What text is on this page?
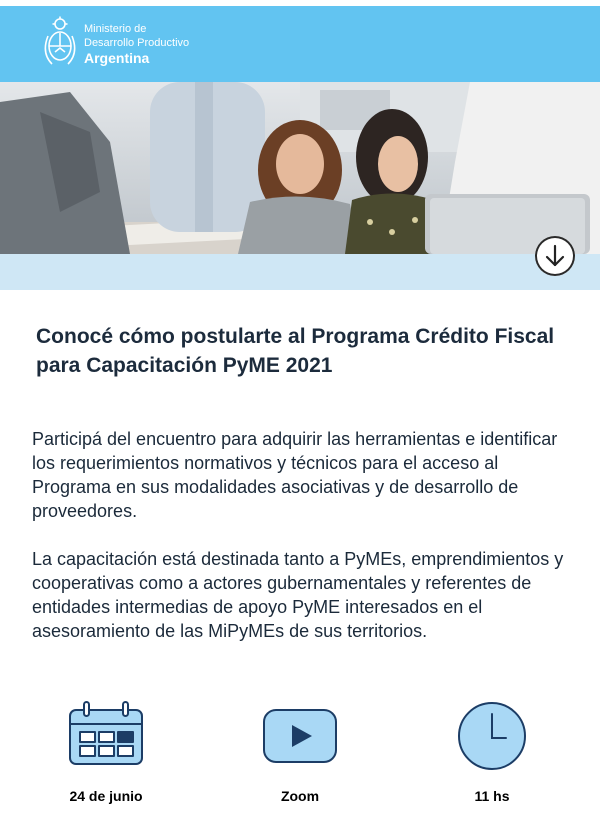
Ministerio de
Desarrollo Productivo
Argentina
Conocé cómo postularte al Programa Crédito Fiscal para Capacitación PyME 2021

Participá del encuentro para adquirir las herramientas e identificar los requerimientos normativos y técnicos para el acceso al Programa en sus modalidades asociativas y de desarrollo de proveedores.

La capacitación está destinada tanto a PyMEs, emprendimientos y cooperativas como a actores gubernamentales y referentes de entidades intermedias de apoyo PyME interesados en el asesoramiento de las MiPyMEs de sus territorios.

24 de junio	Zoom	11 hs
